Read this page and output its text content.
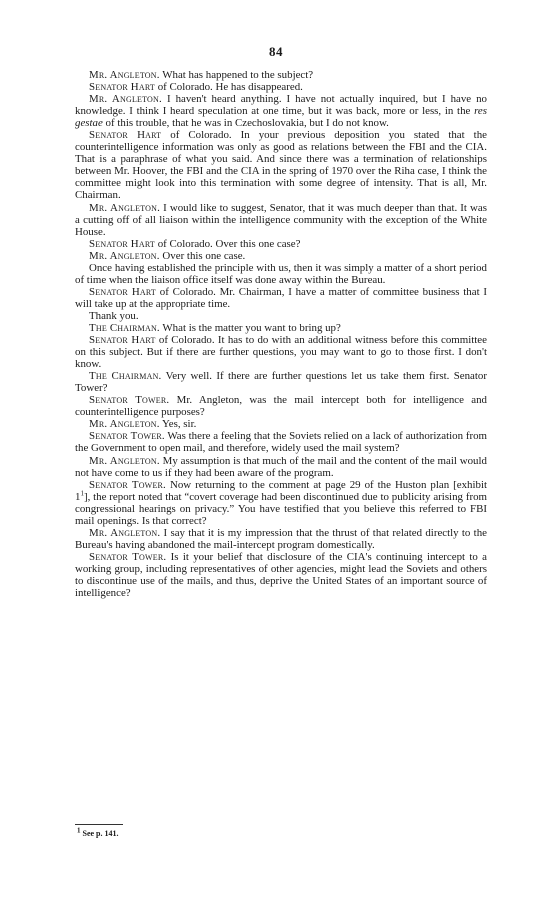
84

Mr. Angleton. What has happened to the subject?

Senator Hart of Colorado. He has disappeared.

Mr. Angleton. I haven't heard anything. I have not actually inquired, but I have no knowledge. I think I heard speculation at one time, but it was back, more or less, in the res gestae of this trouble, that he was in Czechoslovakia, but I do not know.

Senator Hart of Colorado. In your previous deposition you stated that the counterintelligence information was only as good as relations between the FBI and the CIA. That is a paraphrase of what you said. And since there was a termination of relationships between Mr. Hoover, the FBI and the CIA in the spring of 1970 over the Riha case, I think the committee might look into this termination with some degree of intensity. That is all, Mr. Chairman.

Mr. Angleton. I would like to suggest, Senator, that it was much deeper than that. It was a cutting off of all liaison within the intelligence community with the exception of the White House.

Senator Hart of Colorado. Over this one case?

Mr. Angleton. Over this one case.

Once having established the principle with us, then it was simply a matter of a short period of time when the liaison office itself was done away within the Bureau.

Senator Hart of Colorado. Mr. Chairman, I have a matter of committee business that I will take up at the appropriate time.

Thank you.

The Chairman. What is the matter you want to bring up?

Senator Hart of Colorado. It has to do with an additional witness before this committee on this subject. But if there are further questions, you may want to go to those first. I don't know.

The Chairman. Very well. If there are further questions let us take them first. Senator Tower?

Senator Tower. Mr. Angleton, was the mail intercept both for intelligence and counterintelligence purposes?

Mr. Angleton. Yes, sir.

Senator Tower. Was there a feeling that the Soviets relied on a lack of authorization from the Government to open mail, and therefore, widely used the mail system?

Mr. Angleton. My assumption is that much of the mail and the content of the mail would not have come to us if they had been aware of the program.

Senator Tower. Now returning to the comment at page 29 of the Huston plan [exhibit $1^1$], the report noted that “covert coverage had been discontinued due to publicity arising from congressional hearings on privacy.” You have testified that you believe this referred to FBI mail openings. Is that correct?

Mr. Angleton. I say that it is my impression that the thrust of that related directly to the Bureau's having abandoned the mail-intercept program domestically.

Senator Tower. Is it your belief that disclosure of the CIA's continuing intercept to a working group, including representatives of other agencies, might lead the Soviets and others to discontinue use of the mails, and thus, deprive the United States of an important source of intelligence?

1 See p. 141.
